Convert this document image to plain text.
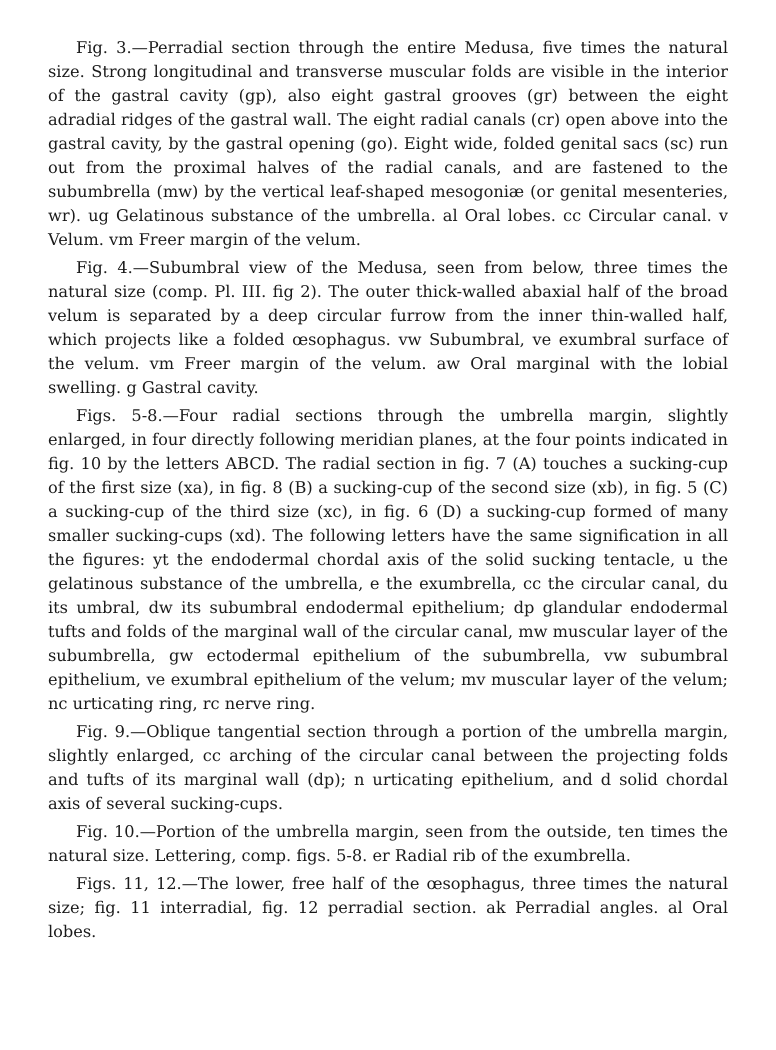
Fig. 3.—Perradial section through the entire Medusa, five times the natural size. Strong longitudinal and transverse muscular folds are visible in the interior of the gastral cavity (gp), also eight gastral grooves (gr) between the eight adradial ridges of the gastral wall. The eight radial canals (cr) open above into the gastral cavity, by the gastral opening (go). Eight wide, folded genital sacs (sc) run out from the proximal halves of the radial canals, and are fastened to the subumbrella (mw) by the vertical leaf-shaped mesogoniæ (or genital mesenteries, wr). ug Gelatinous substance of the umbrella. al Oral lobes. cc Circular canal. v Velum. vm Freer margin of the velum.

Fig. 4.—Subumbral view of the Medusa, seen from below, three times the natural size (comp. Pl. III. fig 2). The outer thick-walled abaxial half of the broad velum is separated by a deep circular furrow from the inner thin-walled half, which projects like a folded œsophagus. vw Subumbral, ve exumbral surface of the velum. vm Freer margin of the velum. aw Oral marginal with the lobial swelling. g Gastral cavity.

Figs. 5-8.—Four radial sections through the umbrella margin, slightly enlarged, in four directly following meridian planes, at the four points indicated in fig. 10 by the letters ABCD. The radial section in fig. 7 (A) touches a sucking-cup of the first size (xa), in fig. 8 (B) a sucking-cup of the second size (xb), in fig. 5 (C) a sucking-cup of the third size (xc), in fig. 6 (D) a sucking-cup formed of many smaller sucking-cups (xd). The following letters have the same signification in all the figures: yt the endodermal chordal axis of the solid sucking tentacle, u the gelatinous substance of the umbrella, e the exumbrella, cc the circular canal, du its umbral, dw its subumbral endodermal epithelium; dp glandular endodermal tufts and folds of the marginal wall of the circular canal, mw muscular layer of the subumbrella, gw ectodermal epithelium of the subumbrella, vw subumbral epithelium, ve exumbral epithelium of the velum; mv muscular layer of the velum; nc urticating ring, rc nerve ring.

Fig. 9.—Oblique tangential section through a portion of the umbrella margin, slightly enlarged, cc arching of the circular canal between the projecting folds and tufts of its marginal wall (dp); n urticating epithelium, and d solid chordal axis of several sucking-cups.

Fig. 10.—Portion of the umbrella margin, seen from the outside, ten times the natural size. Lettering, comp. figs. 5-8. er Radial rib of the exumbrella.

Figs. 11, 12.—The lower, free half of the œsophagus, three times the natural size; fig. 11 interradial, fig. 12 perradial section. ak Perradial angles. al Oral lobes.
